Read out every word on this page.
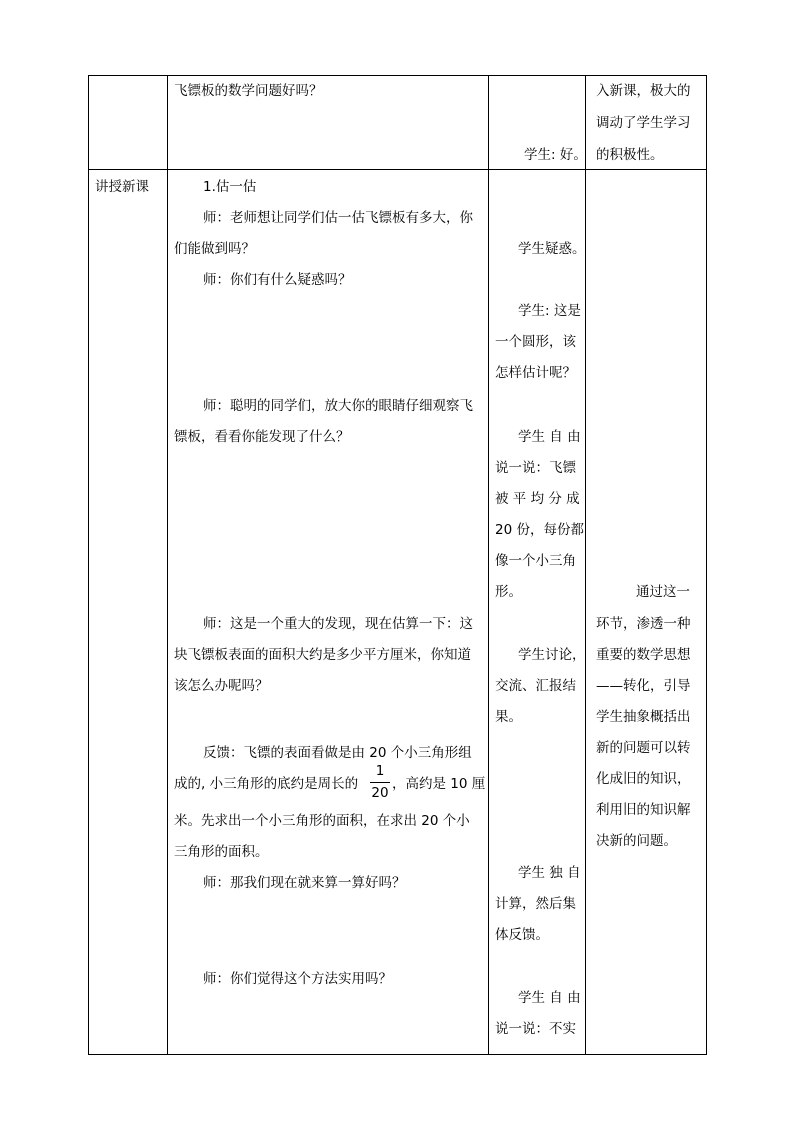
飞镖板的数学问题好吗？
学生: 好。
入新课，极大的
调动了学生学习
的积极性。
讲授新课	1.估一估
师：老师想让同学们估一估飞镖板有多大，你
们能做到吗？
师：你们有什么疑惑吗？
师：聪明的同学们，放大你的眼睛仔细观察飞
镖板，看看你能发现了什么？
师：这是一个重大的发现，现在估算一下：这
块飞镖板表面的面积大约是多少平方厘米，你知道
该怎么办呢吗？
反馈：飞镖的表面看做是由 20 个小三角形组
成的, 小三角形的底约是周长的
1
20
，高约是 10 厘
米。先求出一个小三角形的面积，在求出 20 个小
三角形的面积。
师：那我们现在就来算一算好吗？
师：你们觉得这个方法实用吗？
学生疑惑。
学生: 这是
一个圆形，该
怎样估计呢？
学生 自 由
说一说：飞镖
被 平 均 分 成
20 份，每份都
像一个小三角
形。
学生讨论，
交流、汇报结
果。
学生 独 自
计算，然后集
体反馈。
学生 自 由
说一说：不实
通过这一
环节，渗透一种
重要的数学思想
——转化，引导
学生抽象概括出
新的问题可以转
化成旧的知识，
利用旧的知识解
决新的问题。
